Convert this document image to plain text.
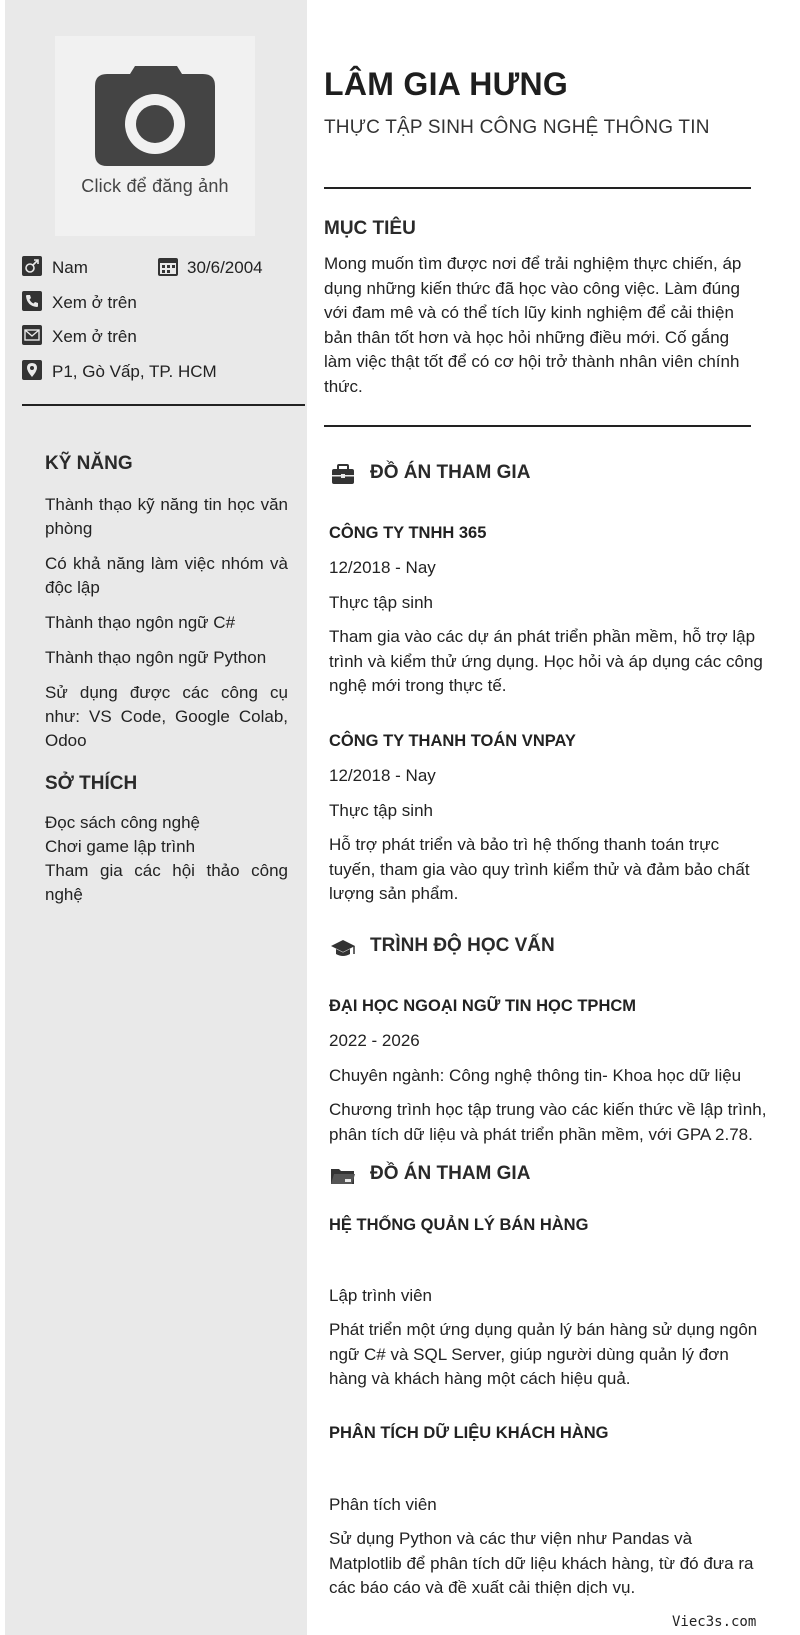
Click để đăng ảnh
Nam	30/6/2004
Xem ở trên
Xem ở trên
P1, Gò Vấp, TP. HCM
KỸ NĂNG
Thành thạo kỹ năng tin học văn phòng
Có khả năng làm việc nhóm và độc lập
Thành thạo ngôn ngữ C#
Thành thạo ngôn ngữ Python
Sử dụng được các công cụ như: VS Code, Google Colab, Odoo
SỞ THÍCH
Đọc sách công nghệ
Chơi game lập trình
Tham gia các hội thảo công nghệ
LÂM GIA HƯNG
THỰC TẬP SINH CÔNG NGHỆ THÔNG TIN
MỤC TIÊU
Mong muốn tìm được nơi để trải nghiệm thực chiến, áp dụng những kiến thức đã học vào công việc. Làm đúng với đam mê và có thể tích lũy kinh nghiệm để cải thiện bản thân tốt hơn và học hỏi những điều mới. Cố gắng làm việc thật tốt để có cơ hội trở thành nhân viên chính thức.
ĐỒ ÁN THAM GIA
CÔNG TY TNHH 365
12/2018 - Nay
Thực tập sinh
Tham gia vào các dự án phát triển phần mềm, hỗ trợ lập trình và kiểm thử ứng dụng. Học hỏi và áp dụng các công nghệ mới trong thực tế.
CÔNG TY THANH TOÁN VNPAY
12/2018 - Nay
Thực tập sinh
Hỗ trợ phát triển và bảo trì hệ thống thanh toán trực tuyến, tham gia vào quy trình kiểm thử và đảm bảo chất lượng sản phẩm.
TRÌNH ĐỘ HỌC VẤN
ĐẠI HỌC NGOẠI NGỮ TIN HỌC TPHCM
2022 - 2026
Chuyên ngành: Công nghệ thông tin- Khoa học dữ liệu
Chương trình học tập trung vào các kiến thức về lập trình, phân tích dữ liệu và phát triển phần mềm, với GPA 2.78.
ĐỒ ÁN THAM GIA
HỆ THỐNG QUẢN LÝ BÁN HÀNG
Lập trình viên
Phát triển một ứng dụng quản lý bán hàng sử dụng ngôn ngữ C# và SQL Server, giúp người dùng quản lý đơn hàng và khách hàng một cách hiệu quả.
PHÂN TÍCH DỮ LIỆU KHÁCH HÀNG
Phân tích viên
Sử dụng Python và các thư viện như Pandas và Matplotlib để phân tích dữ liệu khách hàng, từ đó đưa ra các báo cáo và đề xuất cải thiện dịch vụ.
Viec3s.com
